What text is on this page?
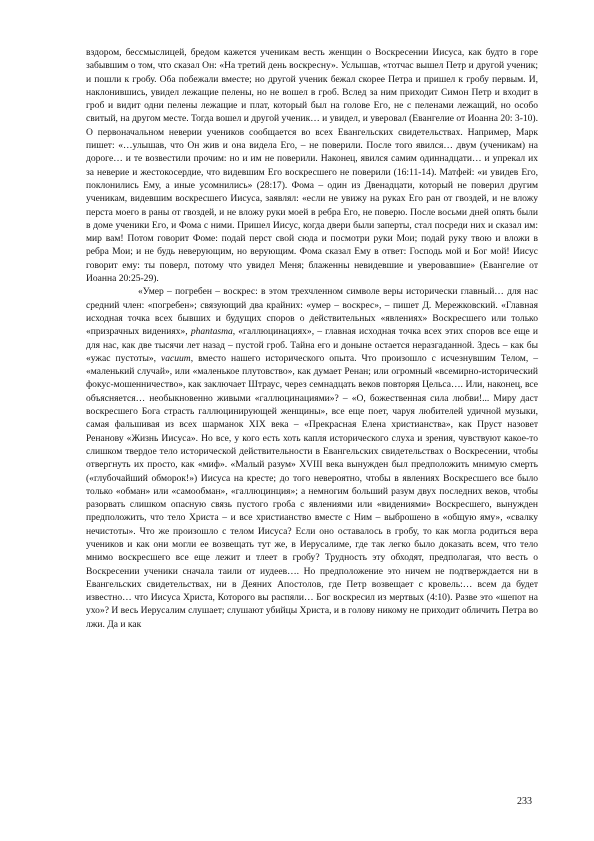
вздором, бессмыслицей, бредом кажется ученикам весть женщин о Воскресении Иисуса, как будто в горе забывшим о том, что сказал Он: «На третий день воскресну». Услышав, «тотчас вышел Петр и другой ученик; и пошли к гробу. Оба побежали вместе; но другой ученик бежал скорее Петра и пришел к гробу первым. И, наклонившись, увидел лежащие пелены, но не вошел в гроб. Вслед за ним приходит Симон Петр и входит в гроб и видит одни пелены лежащие и плат, который был на голове Его, не с пеленами лежащий, но особо свитый, на другом месте. Тогда вошел и другой ученик… и увидел, и уверовал (Евангелие от Иоанна 20: 3-10). О первоначальном неверии учеников сообщается во всех Евангельских свидетельствах. Например, Марк пишет: «…улышав, что Он жив и она видела Его, – не поверили. После того явился… двум (ученикам) на дороге… и те возвестили прочим: но и им не поверили. Наконец, явился самим одиннадцати… и упрекал их за неверие и жестокосердие, что видевшим Его воскресшего не поверили (16:11-14). Матфей: «и увидев Его, поклонились Ему, а иные усомнились» (28:17). Фома – один из Двенадцати, который не поверил другим ученикам, видевшим воскресшего Иисуса, заявлял: «если не увижу на руках Его ран от гвоздей, и не вложу перста моего в раны от гвоздей, и не вложу руки моей в ребра Его, не поверю. После восьми дней опять были в доме ученики Его, и Фома с ними. Пришел Иисус, когда двери были заперты, стал посреди них и сказал им: мир вам! Потом говорит Фоме: подай перст свой сюда и посмотри руки Мои; подай руку твою и вложи в ребра Мои; и не будь неверующим, но верующим. Фома сказал Ему в ответ: Господь мой и Бог мой! Иисус говорит ему: ты поверл, потому что увидел Меня; блаженны невидевшие и уверовавшие» (Евангелие от Иоанна 20:25-29).

«Умер – погребен – воскрес: в этом трехчленном символе веры исторически главный… для нас средний член: «погребен»; связующий два крайних: «умер – воскрес», – пишет Д. Мережковский. «Главная исходная точка всех бывших и будущих споров о действительных «явлениях» Воскресшего или только «призрачных видениях», phantasma, «галлюцинациях», – главная исходная точка всех этих споров все еще и для нас, как две тысячи лет назад – пустой гроб. Тайна его и доныне остается неразгаданной. Здесь – как бы «ужас пустоты», vacuum, вместо нашего исторического опыта. Что произошло с исчезнувшим Телом, – «маленький случай», или «маленькое плутовство», как думает Ренан; или огромный «всемирно-исторический фокус-мошенничество», как заключает Штраус, через семнадцать веков повторяя Цельса…. Или, наконец, все объясняется… необыкновенно живыми «галлюцинациями»? – «О, божественная сила любви!... Миру даст воскресшего Бога страсть галлюцинирующей женщины», все еще поет, чаруя любителей удичной музыки, самая фальшивая из всех шарманок XIX века – «Прекрасная Елена христианства», как Пруст назовет Ренанову «Жизнь Иисуса». Но все, у кого есть хоть капля исторического слуха и зрения, чувствуют какое-то слишком твердое тело исторической действительности в Евангельских свидетельствах о Воскресении, чтобы отвергнуть их просто, как «миф». «Малый разум» XVIII века вынужден был предположить мнимую смерть («глубочайший обморок!») Иисуса на кресте; до того невероятно, чтобы в явлениях Воскресшего все было только «обман» или «самообман», «галлюцинция»; а немногим больший разум двух последних веков, чтобы разорвать слишком опасную связь пустого гроба с явлениями или «видениями» Воскресшего, вынужден предположить, что тело Христа – и все христианство вместе с Ним – выброшено в «общую яму», «свалку нечистоты». Что же произошло с телом Иисуса? Если оно оставалось в гробу, то как могла родиться вера учеников и как они могли ее возвещать тут же, в Иерусалиме, где так легко было доказать всем, что тело мнимо воскресшего все еще лежит и тлеет в гробу? Трудность эту обходят, предполагая, что весть о Воскресении ученики сначала таили от иудеев…. Но предположение это ничем не подтверждается ни в Евангельских свидетельствах, ни в Деяних Апостолов, где Петр возвещает с кровель:… всем да будет известно… что Иисуса Христа, Которого вы распяли… Бог воскресил из мертвых (4:10). Разве это «шепот на ухо»? И весь Иерусалим слушает; слушают убийцы Христа, и в голову никому не приходит обличить Петра во лжи. Да и как

233
